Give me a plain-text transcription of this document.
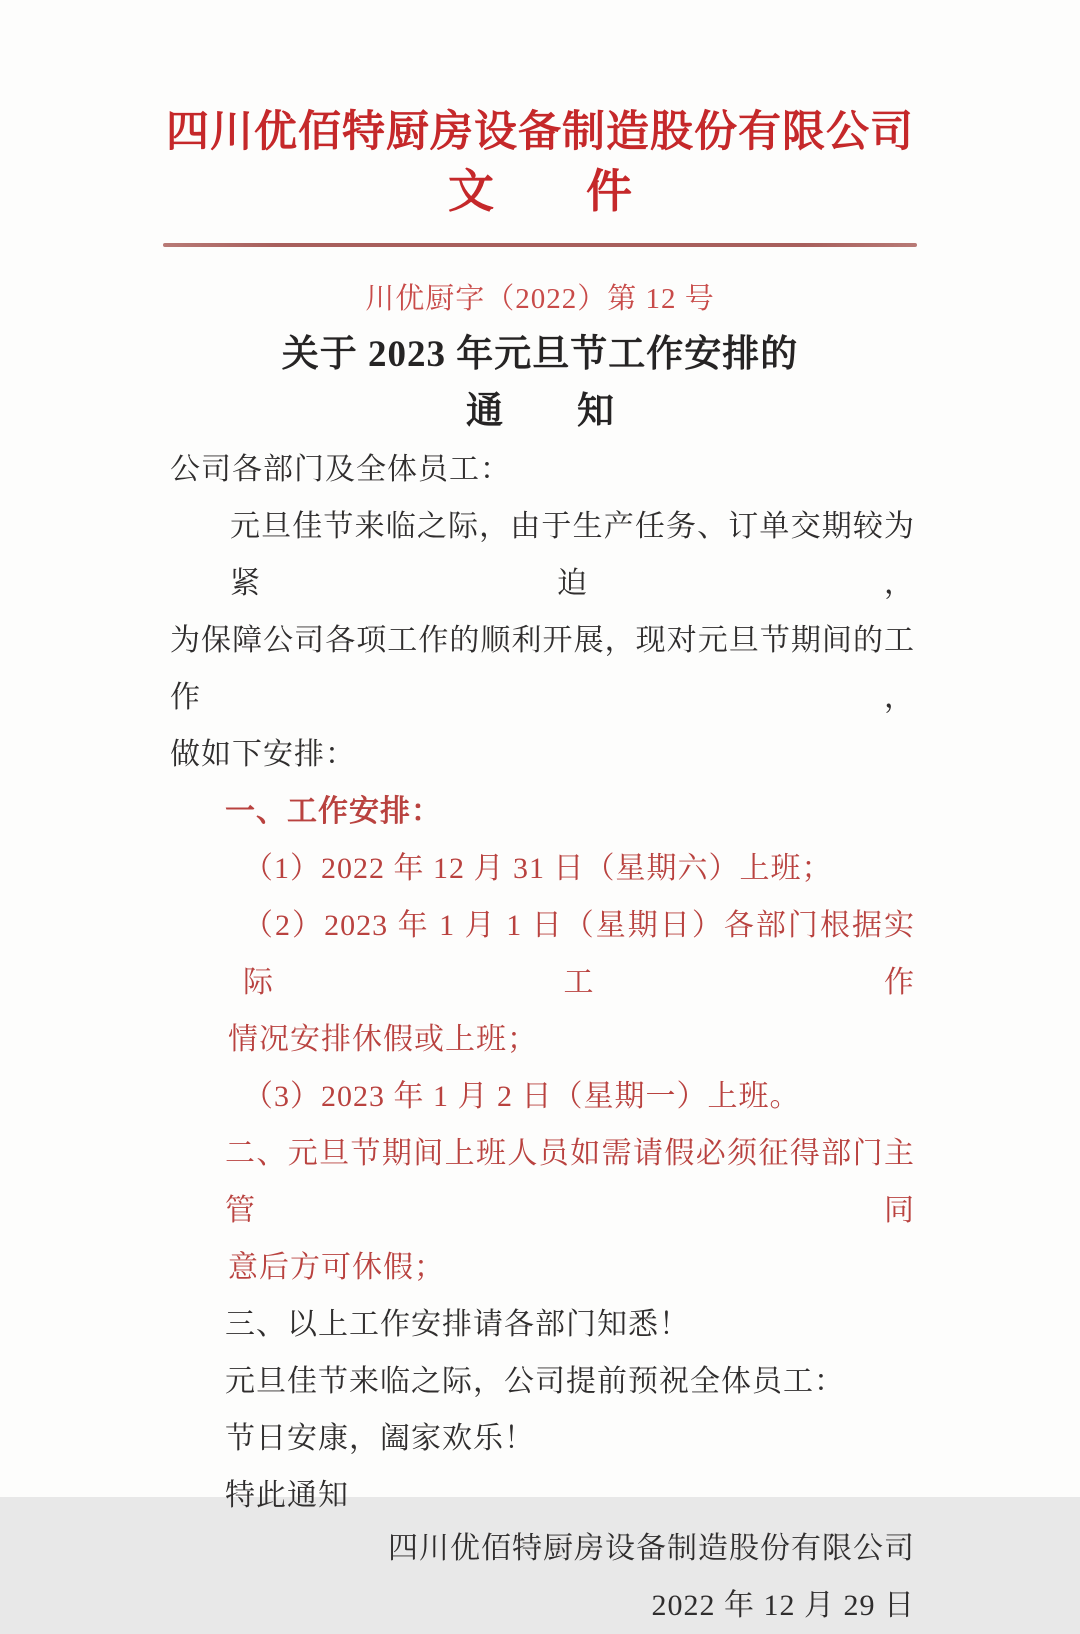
四川优佰特厨房设备制造股份有限公司
文　　件
川优厨字（2022）第 12 号
关于 2023 年元旦节工作安排的
通　　知
公司各部门及全体员工：
元旦佳节来临之际，由于生产任务、订单交期较为紧迫，
为保障公司各项工作的顺利开展，现对元旦节期间的工作，
做如下安排：
一、工作安排：
（1）2022 年 12 月 31 日（星期六）上班；
（2）2023 年 1 月 1 日（星期日）各部门根据实际工作
情况安排休假或上班；
（3）2023 年 1 月 2 日（星期一）上班。
二、元旦节期间上班人员如需请假必须征得部门主管同
意后方可休假；
三、以上工作安排请各部门知悉！
元旦佳节来临之际，公司提前预祝全体员工：
节日安康，阖家欢乐！
特此通知
四川优佰特厨房设备制造股份有限公司
2022 年 12 月 29 日
